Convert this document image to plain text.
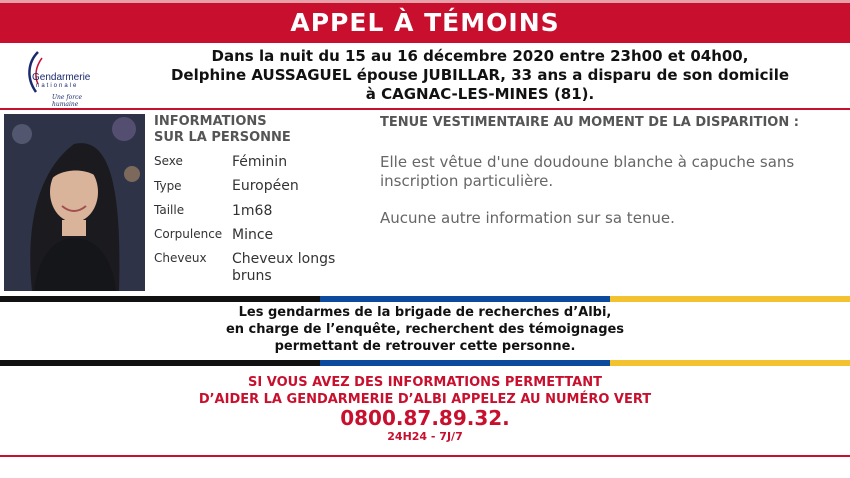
APPEL À TÉMOINS
Gendarmerie
nationale
Une force humaine
Dans la nuit du 15 au 16 décembre 2020 entre 23h00 et 04h00,
Delphine AUSSAGUEL épouse JUBILLAR, 33 ans a disparu de son domicile
à CAGNAC-LES-MINES (81).
INFORMATIONS
SUR LA PERSONNE
Sexe	Féminin
Type	Européen
Taille	1m68
Corpulence Mince
Cheveux Cheveux longs
bruns
TENUE VESTIMENTAIRE AU MOMENT DE LA DISPARITION :
Elle est vêtue d'une doudoune blanche à capuche sans inscription particulière.
Aucune autre information sur sa tenue.
Les gendarmes de la brigade de recherches d’Albi,
en charge de l’enquête, recherchent des témoignages
permettant de retrouver cette personne.
SI VOUS AVEZ DES INFORMATIONS PERMETTANT
D’AIDER LA GENDARMERIE D’ALBI APPELEZ AU NUMÉRO VERT
0800.87.89.32.
24H24 - 7J/7
